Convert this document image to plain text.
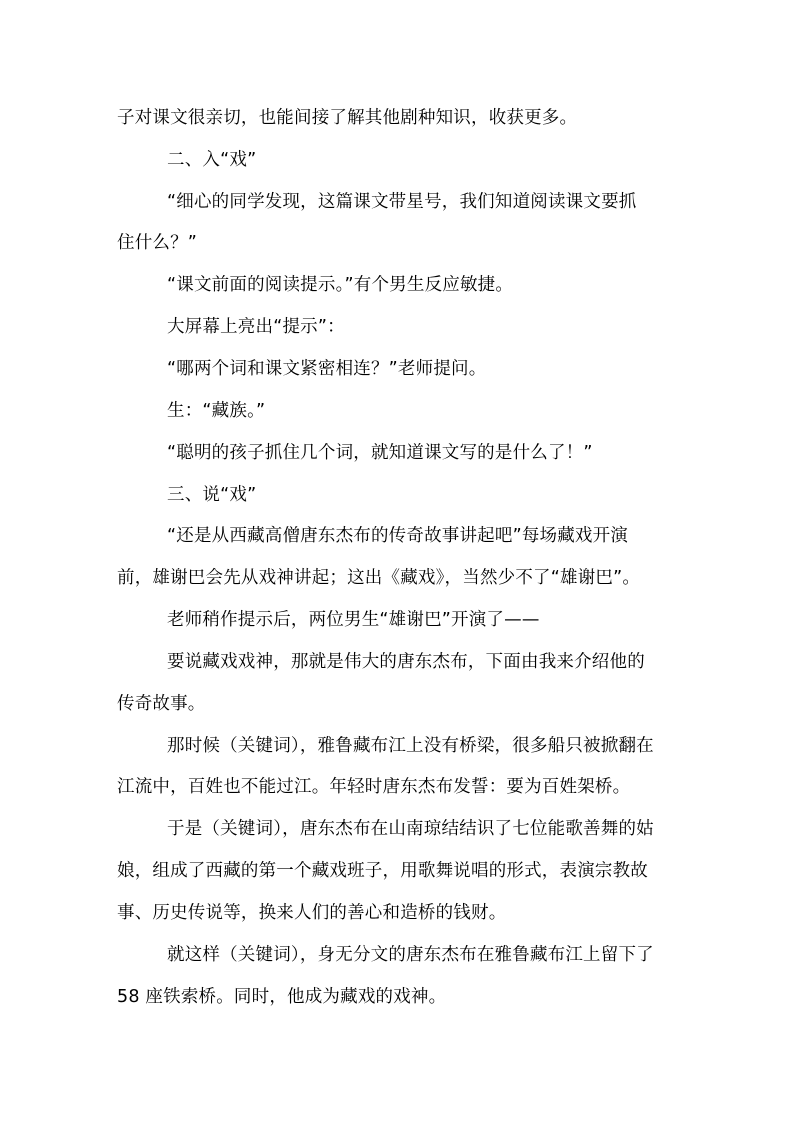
子对课文很亲切，也能间接了解其他剧种知识，收获更多。
二、入“戏”
“细心的同学发现，这篇课文带星号，我们知道阅读课文要抓
住什么？”
“课文前面的阅读提示。”有个男生反应敏捷。
大屏幕上亮出“提示”：
“哪两个词和课文紧密相连？”老师提问。
生：“藏族。”
“聪明的孩子抓住几个词，就知道课文写的是什么了！”
三、说“戏”
“还是从西藏高僧唐东杰布的传奇故事讲起吧”每场藏戏开演
前，雄谢巴会先从戏神讲起；这出《藏戏》，当然少不了“雄谢巴”。
老师稍作提示后，两位男生“雄谢巴”开演了——
要说藏戏戏神，那就是伟大的唐东杰布，下面由我来介绍他的
传奇故事。
那时候（关键词），雅鲁藏布江上没有桥梁，很多船只被掀翻在
江流中，百姓也不能过江。年轻时唐东杰布发誓：要为百姓架桥。
于是（关键词），唐东杰布在山南琼结结识了七位能歌善舞的姑
娘，组成了西藏的第一个藏戏班子，用歌舞说唱的形式，表演宗教故
事、历史传说等，换来人们的善心和造桥的钱财。
就这样（关键词），身无分文的唐东杰布在雅鲁藏布江上留下了
58 座铁索桥。同时，他成为藏戏的戏神。
